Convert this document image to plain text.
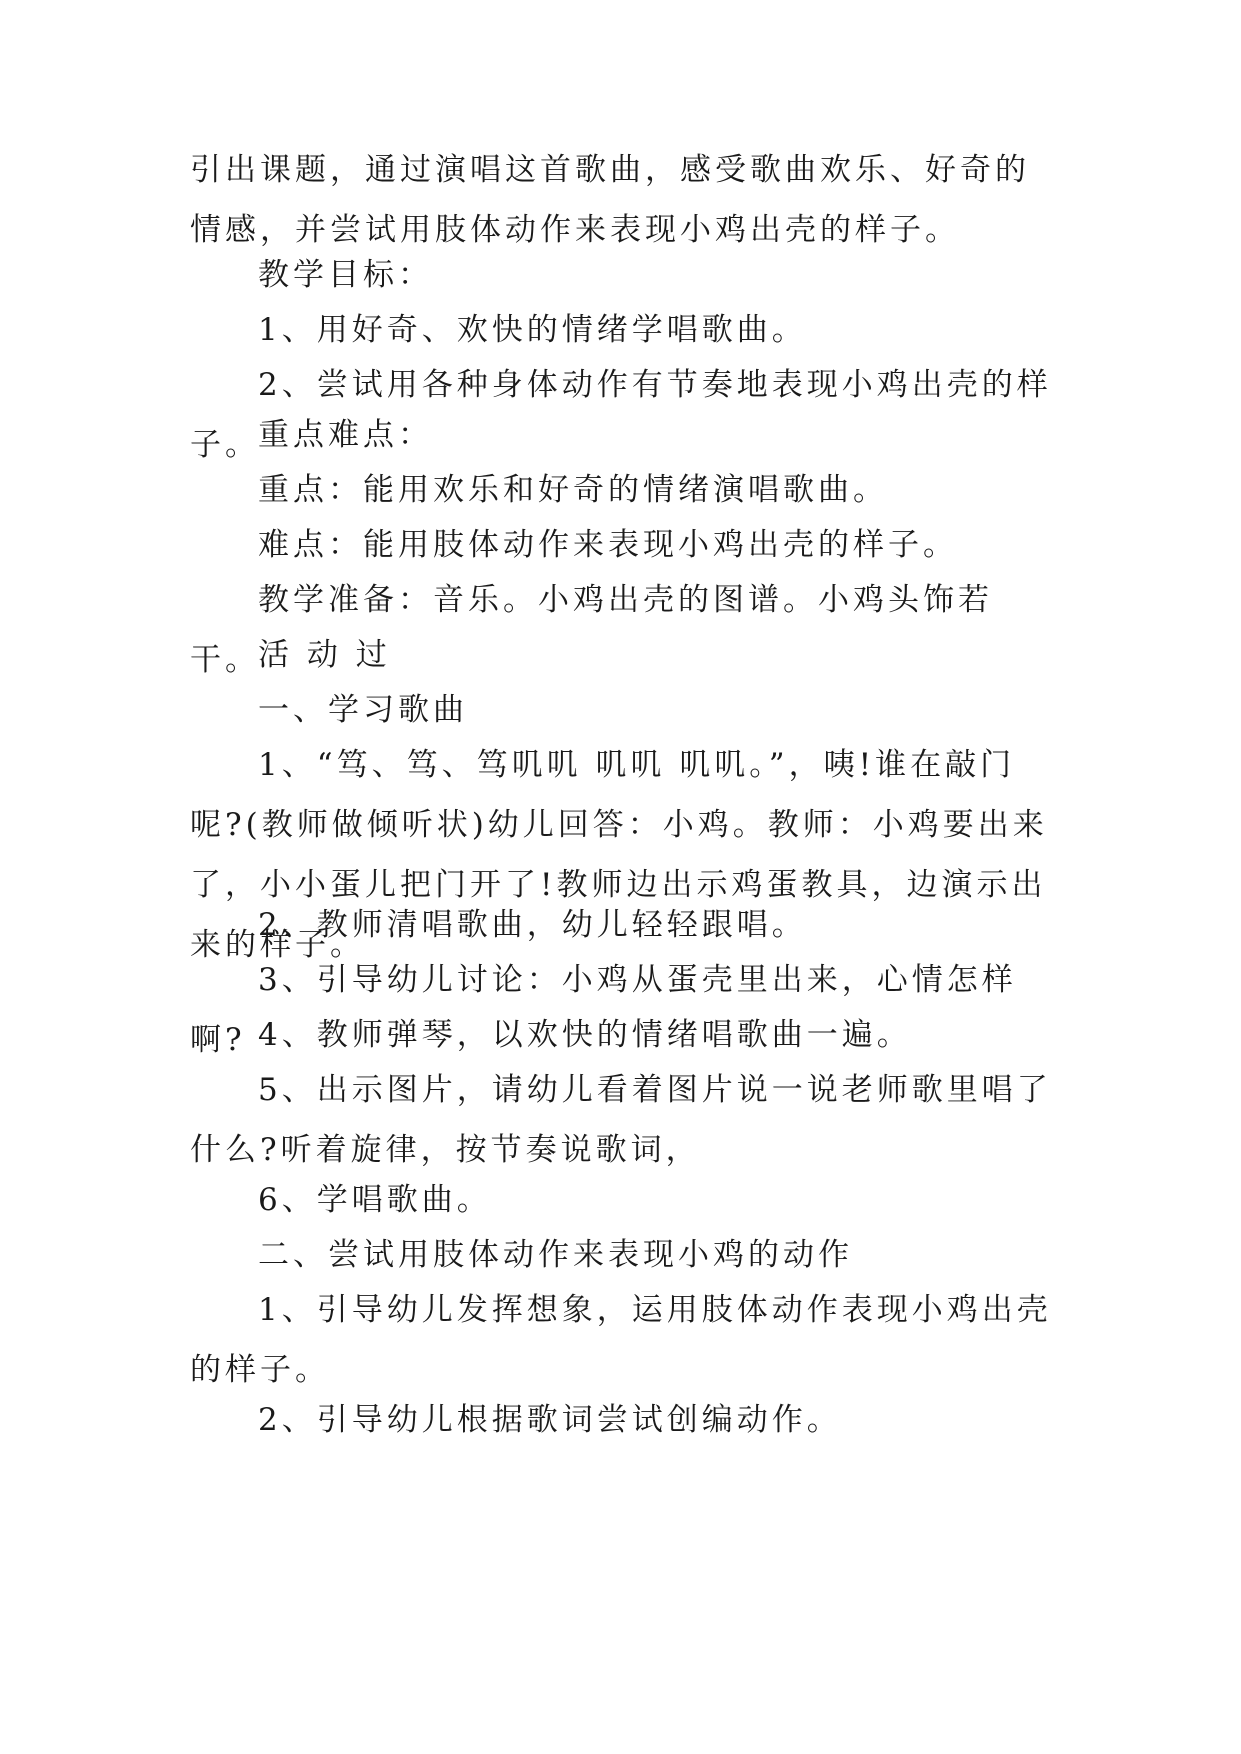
引出课题，通过演唱这首歌曲，感受歌曲欢乐、好奇的情感，并尝试用肢体动作来表现小鸡出壳的样子。

教学目标：

1、用好奇、欢快的情绪学唱歌曲。

2、尝试用各种身体动作有节奏地表现小鸡出壳的样子。

重点难点：

重点：能用欢乐和好奇的情绪演唱歌曲。

难点：能用肢体动作来表现小鸡出壳的样子。

教学准备：音乐。小鸡出壳的图谱。小鸡头饰若干。

活 动 过

一、学习歌曲

1、“笃、笃、笃叽叽 叽叽 叽叽。”，咦!谁在敲门呢?(教师做倾听状)幼儿回答：小鸡。教师：小鸡要出来了，小小蛋儿把门开了!教师边出示鸡蛋教具，边演示出来的样子。

2、教师清唱歌曲，幼儿轻轻跟唱。

3、引导幼儿讨论：小鸡从蛋壳里出来，心情怎样啊? 4、教师弹琴，以欢快的情绪唱歌曲一遍。

5、出示图片，请幼儿看着图片说一说老师歌里唱了什么?听着旋律，按节奏说歌词，

6、学唱歌曲。

二、尝试用肢体动作来表现小鸡的动作

1、引导幼儿发挥想象，运用肢体动作表现小鸡出壳的样子。

2、引导幼儿根据歌词尝试创编动作。
